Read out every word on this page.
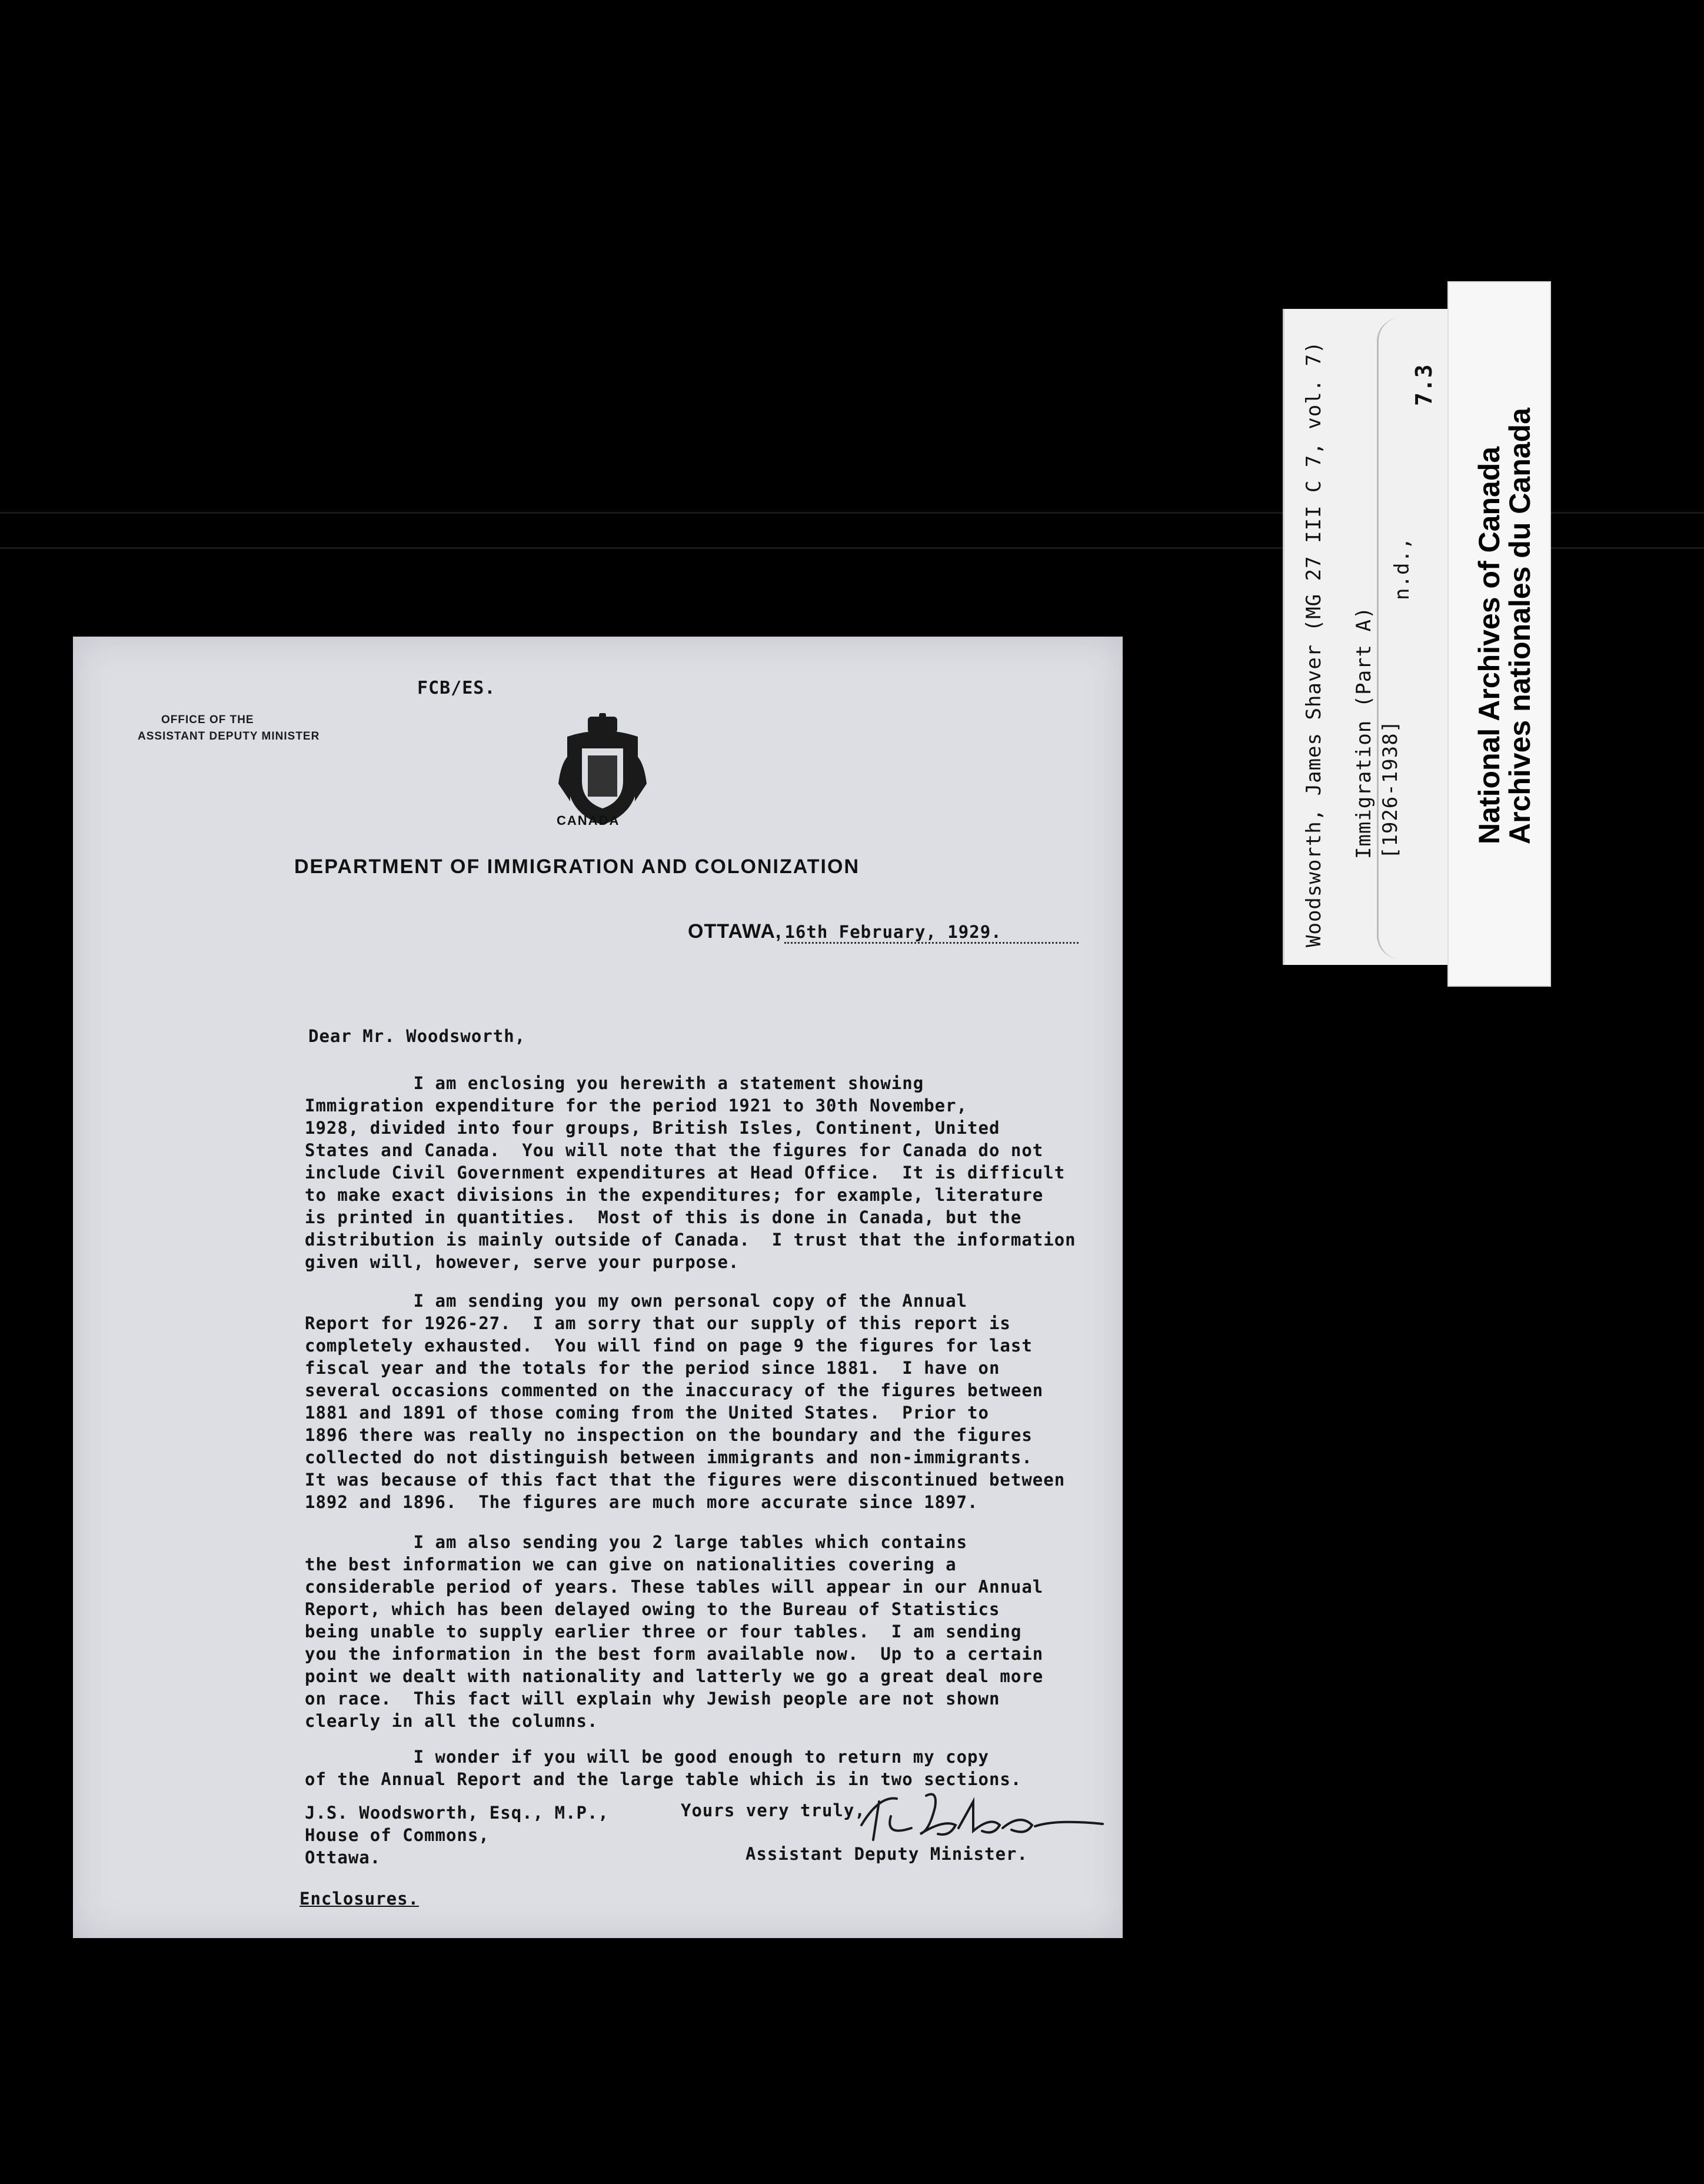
Woodsworth, James Shaver (MG 27 III C 7, vol. 7) Immigration (Part A) [1926-1938]
n.d.,
7.3
National Archives of Canada
Archives nationales du Canada
FCB/ES.
OFFICE OF THE
ASSISTANT DEPUTY MINISTER
CANADA
DEPARTMENT OF IMMIGRATION AND COLONIZATION
OTTAWA, 16th February, 1929.
Dear Mr. Woodsworth,

I am enclosing you herewith a statement showing

Immigration expenditure for the period 1921 to 30th November,

1928, divided into four groups, British Isles, Continent, United

States and Canada.  You will note that the figures for Canada do not

include Civil Government expenditures at Head Office.  It is difficult

to make exact divisions in the expenditures; for example, literature

is printed in quantities.  Most of this is done in Canada, but the

distribution is mainly outside of Canada.  I trust that the information

given will, however, serve your purpose.

I am sending you my own personal copy of the Annual

Report for 1926-27.  I am sorry that our supply of this report is

completely exhausted.  You will find on page 9 the figures for last

fiscal year and the totals for the period since 1881.  I have on

several occasions commented on the inaccuracy of the figures between

1881 and 1891 of those coming from the United States.  Prior to

1896 there was really no inspection on the boundary and the figures

collected do not distinguish between immigrants and non-immigrants.

It was because of this fact that the figures were discontinued between

1892 and 1896.  The figures are much more accurate since 1897.

I am also sending you 2 large tables which contains

the best information we can give on nationalities covering a

considerable period of years. These tables will appear in our Annual

Report, which has been delayed owing to the Bureau of Statistics

being unable to supply earlier three or four tables.  I am sending

you the information in the best form available now.  Up to a certain

point we dealt with nationality and latterly we go a great deal more

on race.  This fact will explain why Jewish people are not shown

clearly in all the columns.

I wonder if you will be good enough to return my copy

of the Annual Report and the large table which is in two sections.

J.S. Woodsworth, Esq., M.P.,

House of Commons,

Ottawa.

Yours very truly,
Assistant Deputy Minister.
Enclosures.
